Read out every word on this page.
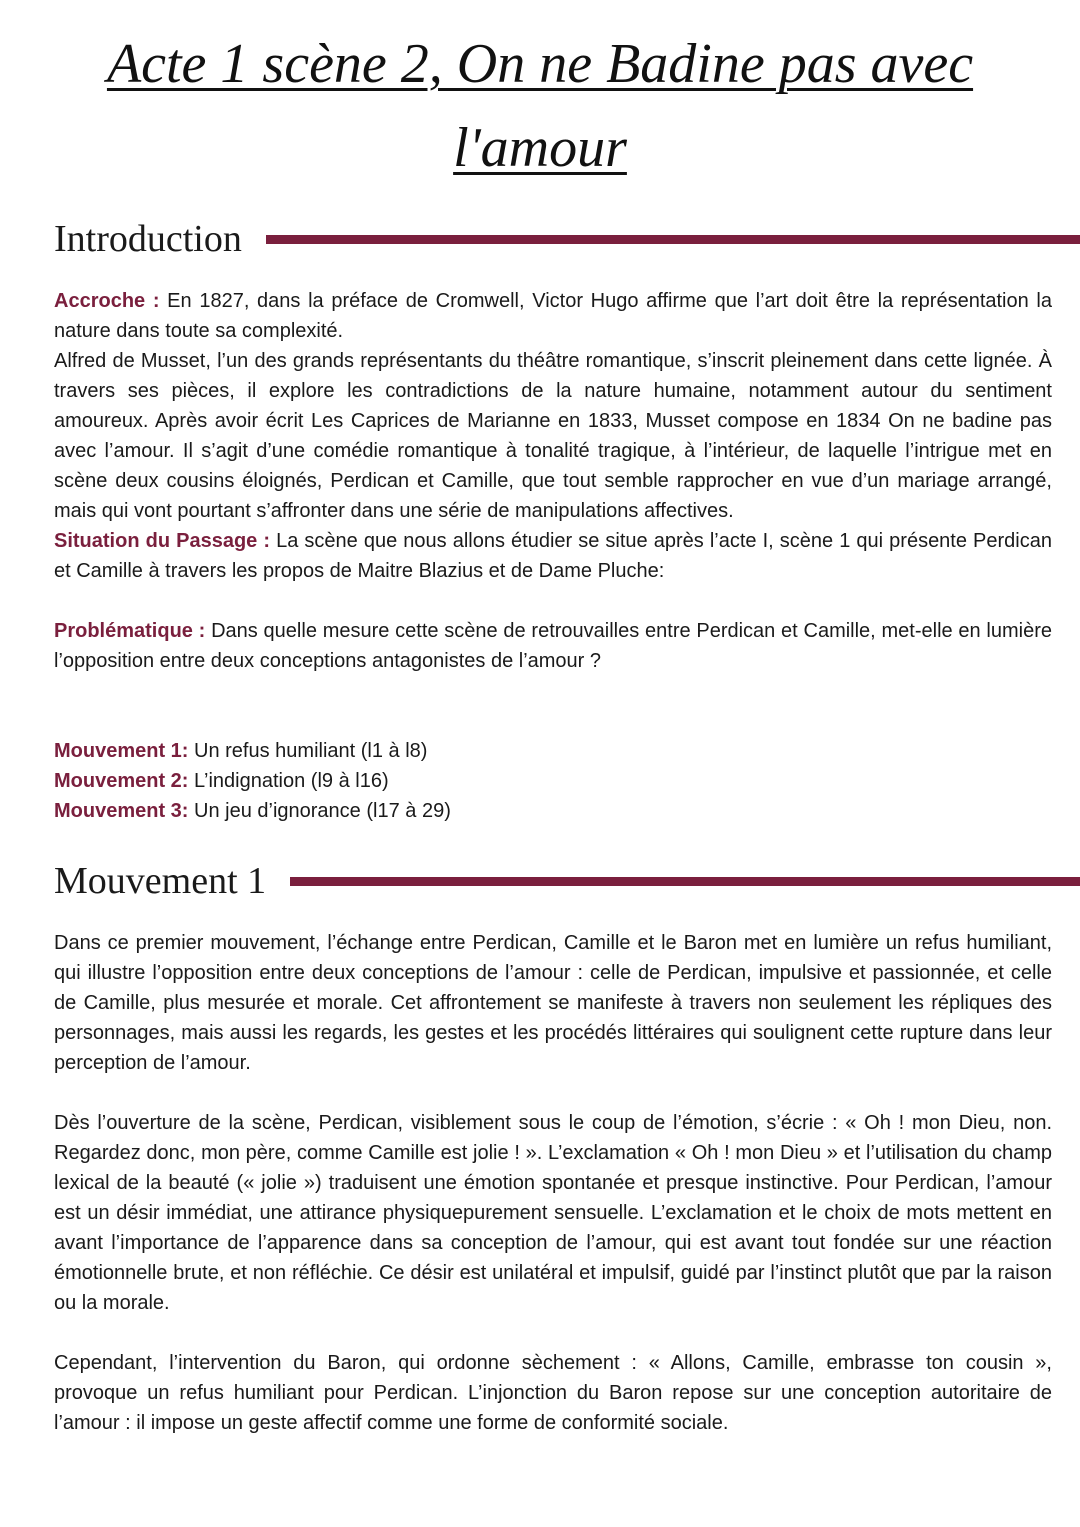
Acte 1 scène 2, On ne Badine pas avec
l'amour
Introduction

Accroche : En 1827, dans la préface de Cromwell, Victor Hugo affirme que l’art doit être la représentation la nature dans toute sa complexité.

Alfred de Musset, l’un des grands représentants du théâtre romantique, s’inscrit pleinement dans cette lignée. À travers ses pièces, il explore les contradictions de la nature humaine, notamment autour du sentiment amoureux. Après avoir écrit Les Caprices de Marianne en 1833, Musset compose en 1834 On ne badine pas avec l’amour. Il s’agit d’une comédie romantique à tonalité tragique, à l’intérieur, de laquelle l’intrigue met en scène deux cousins éloignés, Perdican et Camille, que tout semble rapprocher en vue d’un mariage arrangé, mais qui vont pourtant s’affronter dans une série de manipulations affectives.

Situation du Passage : La scène que nous allons étudier se situe après l’acte I, scène 1 qui présente Perdican et Camille à travers les propos de Maitre Blazius et de Dame Pluche:

Problématique : Dans quelle mesure cette scène de retrouvailles entre Perdican et Camille, met-elle en lumière l’opposition entre deux conceptions antagonistes de l’amour ?

Mouvement 1: Un refus humiliant (l1 à l8)

Mouvement 2: L’indignation (l9 à l16)

Mouvement 3: Un jeu d’ignorance (l17 à 29)

Mouvement 1

Dans ce premier mouvement, l’échange entre Perdican, Camille et le Baron met en lumière un refus humiliant, qui illustre l’opposition entre deux conceptions de l’amour : celle de Perdican, impulsive et passionnée, et celle de Camille, plus mesurée et morale. Cet affrontement se manifeste à travers non seulement les répliques des personnages, mais aussi les regards, les gestes et les procédés littéraires qui soulignent cette rupture dans leur perception de l’amour.

Dès l’ouverture de la scène, Perdican, visiblement sous le coup de l’émotion, s’écrie : « Oh ! mon Dieu, non. Regardez donc, mon père, comme Camille est jolie ! ». L’exclamation « Oh ! mon Dieu » et l’utilisation du champ lexical de la beauté (« jolie ») traduisent une émotion spontanée et presque instinctive. Pour Perdican, l’amour est un désir immédiat, une attirance physiquepurement sensuelle. L’exclamation et le choix de mots mettent en avant l’importance de l’apparence dans sa conception de l’amour, qui est avant tout fondée sur une réaction émotionnelle brute, et non réfléchie. Ce désir est unilatéral et impulsif, guidé par l’instinct plutôt que par la raison ou la morale.

Cependant, l’intervention du Baron, qui ordonne sèchement : « Allons, Camille, embrasse ton cousin », provoque un refus humiliant pour Perdican. L’injonction du Baron repose sur une conception autoritaire de l’amour : il impose un geste affectif comme une forme de conformité sociale.
